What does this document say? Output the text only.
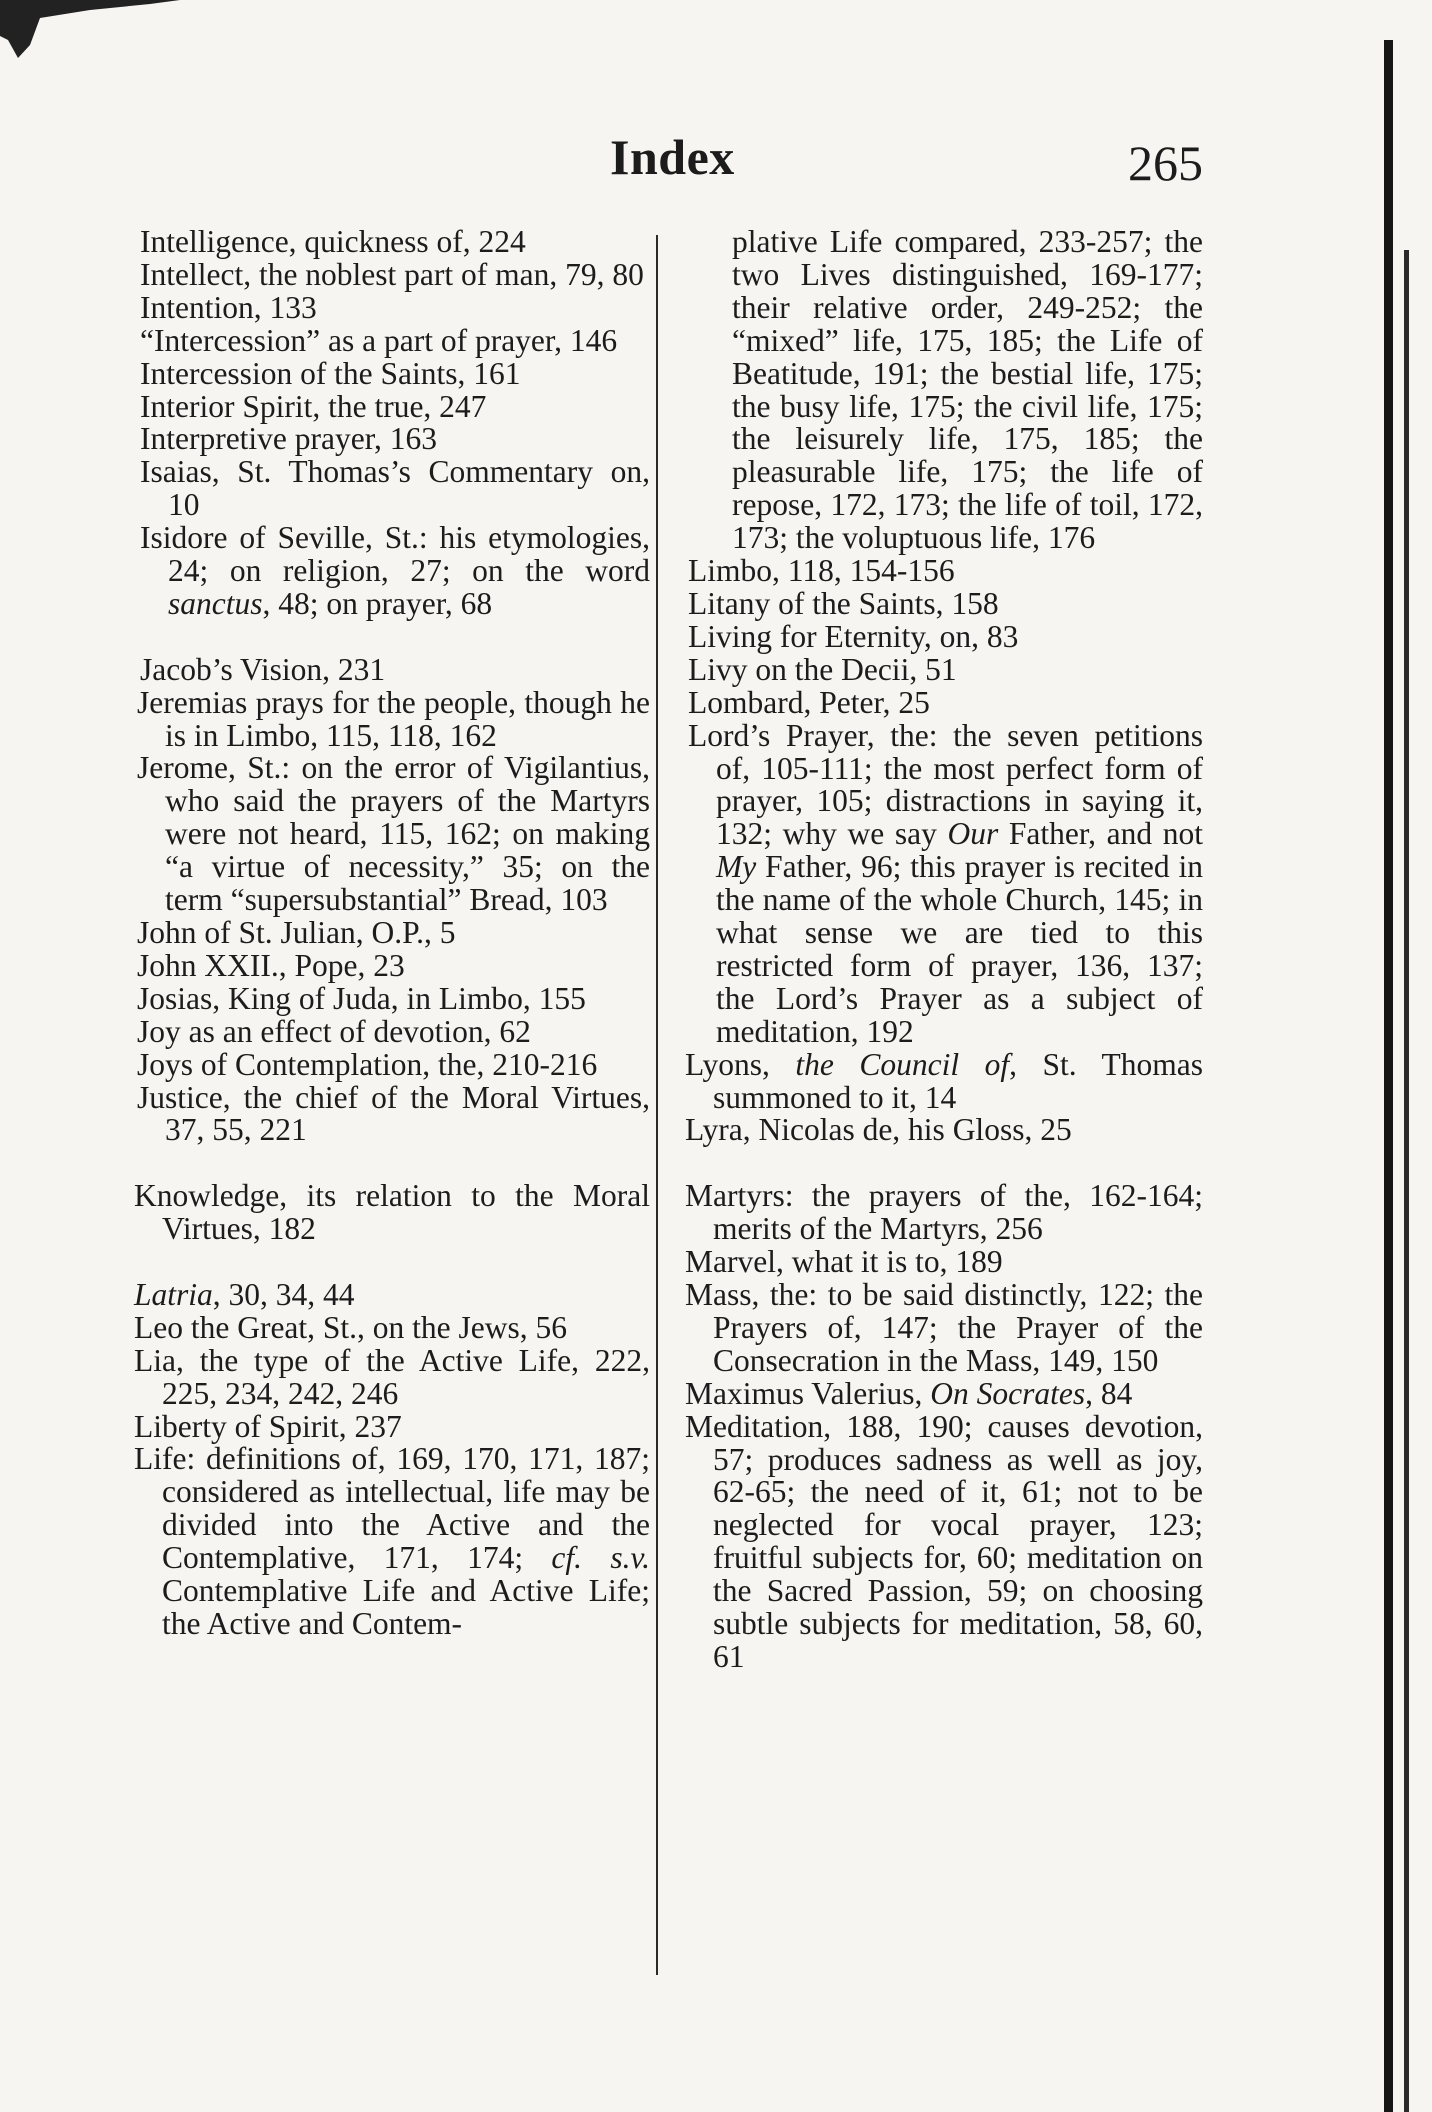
Index	265

Intelligence, quickness of, 224

Intellect, the noblest part of man, 79, 80

Intention, 133

“Intercession” as a part of prayer, 146

Intercession of the Saints, 161

Interior Spirit, the true, 247

Interpretive prayer, 163

Isaias, St. Thomas’s Commentary on, 10

Isidore of Seville, St.: his etymologies, 24; on religion, 27; on the word sanctus, 48; on prayer, 68

Jacob’s Vision, 231

Jeremias prays for the people, though he is in Limbo, 115, 118, 162

Jerome, St.: on the error of Vigilantius, who said the prayers of the Martyrs were not heard, 115, 162; on making “a virtue of necessity,” 35; on the term “supersubstantial” Bread, 103

John of St. Julian, O.P., 5

John XXII., Pope, 23

Josias, King of Juda, in Limbo, 155

Joy as an effect of devotion, 62

Joys of Contemplation, the, 210-216

Justice, the chief of the Moral Virtues, 37, 55, 221

Knowledge, its relation to the Moral Virtues, 182

Latria, 30, 34, 44

Leo the Great, St., on the Jews, 56

Lia, the type of the Active Life, 222, 225, 234, 242, 246

Liberty of Spirit, 237

Life: definitions of, 169, 170, 171, 187; considered as intellectual, life may be divided into the Active and the Contemplative, 171, 174; cf. s.v. Contemplative Life and Active Life; the Active and Contem-

plative Life compared, 233-257; the two Lives distinguished, 169-177; their relative order, 249-252; the “mixed” life, 175, 185; the Life of Beatitude, 191; the bestial life, 175; the busy life, 175; the civil life, 175; the leisurely life, 175, 185; the pleasurable life, 175; the life of repose, 172, 173; the life of toil, 172, 173; the voluptuous life, 176

Limbo, 118, 154-156

Litany of the Saints, 158

Living for Eternity, on, 83

Livy on the Decii, 51

Lombard, Peter, 25

Lord’s Prayer, the: the seven petitions of, 105-111; the most perfect form of prayer, 105; distractions in saying it, 132; why we say Our Father, and not My Father, 96; this prayer is recited in the name of the whole Church, 145; in what sense we are tied to this restricted form of prayer, 136, 137; the Lord’s Prayer as a subject of meditation, 192

Lyons, the Council of, St. Thomas summoned to it, 14

Lyra, Nicolas de, his Gloss, 25

Martyrs: the prayers of the, 162-164; merits of the Martyrs, 256

Marvel, what it is to, 189

Mass, the: to be said distinctly, 122; the Prayers of, 147; the Prayer of the Consecration in the Mass, 149, 150

Maximus Valerius, On Socrates, 84

Meditation, 188, 190; causes devotion, 57; produces sadness as well as joy, 62-65; the need of it, 61; not to be neglected for vocal prayer, 123; fruitful subjects for, 60; meditation on the Sacred Passion, 59; on choosing subtle subjects for meditation, 58, 60, 61
